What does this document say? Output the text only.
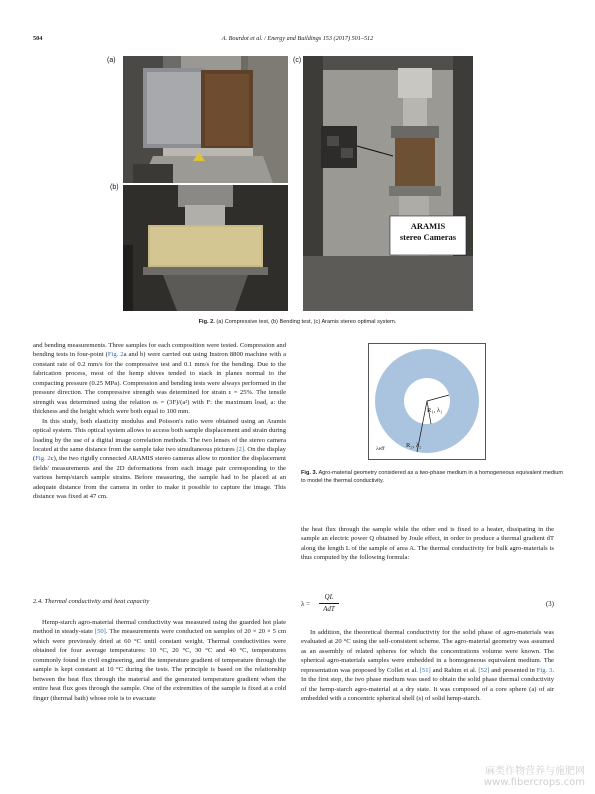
504	A. Bourdot et al. / Energy and Buildings 153 (2017) 501–512
(a)
(b)
(c)
ARAMIS
stereo Cameras
Fig. 2. (a) Compressive test, (b) Bending test, (c) Aramis stereo optimal system.
R₁, λ₁
R₂, λ₂
λeff
Fig. 3. Agro-material geometry considered as a two-phase medium in a homogeneous equivalent medium to model the thermal conductivity.

and bending measurements. Three samples for each composition were tested. Compression and bending tests in four-point (Fig. 2a and b) were carried out using Instron 8800 machine with a constant rate of 0.2 mm/s for the compressive test and 0.1 mm/s for the bending. Due to the fabrication process, most of the hemp shives tended to stack in planes normal to the compacting pressure (0.25 MPa). Compression and bending tests were always performed in the pressure direction. The compressive strength was determined for strain ε = 25%. The tensile strength was determined using the relation σₜ = (3F)/(a²) with F: the maximum load, a: the thickness and the height which were both equal to 100 mm.

In this study, both elasticity modulus and Poisson's ratio were obtained using an Aramis optical system. This optical system allows to access both sample displacement and strain during loading by the use of a digital image correlation methods. The two lenses of the stereo camera located at the same distance from the sample take two simultaneous pictures [2]. On the display (Fig. 2c), the two rigidly connected ARAMIS stereo cameras allow to monitor the displacement fields' measurements and the 2D deformations from each image pair corresponding to the various hemp/starch sample strains. Before measuring, the sample had to be placed at an adequate distance from the camera in order to make it possible to capture the image. This distance was fixed at 47 cm.

2.4. Thermal conductivity and heat capacity

Hemp-starch agro-material thermal conductivity was measured using the guarded hot plate method in steady-state [50]. The measurements were conducted on samples of 20 × 20 × 5 cm which were previously dried at 60 °C until constant weight. Thermal conductivities were obtained for four average temperatures: 10 °C, 20 °C, 30 °C and 40 °C, temperatures commonly found in civil engineering, and the temperature gradient of temperature through the sample is kept constant at 10 °C during the tests. The principle is based on the relationship between the heat flux through the material and the generated temperature gradient when the entire heat flux goes through the sample. One of the extremities of the sample is fixed at a cold finger (thermal bath) whose role is to evacuate

the heat flux through the sample while the other end is fixed to a heater, dissipating in the sample an electric power Q obtained by Joule effect, in order to produce a thermal gradient dT along the length L of the sample of area A. The thermal conductivity for bulk agro-materials is thus computed by the following formula:

λ =
QL
AdT
(3)

In addition, the theoretical thermal conductivity for the solid phase of agro-materials was evaluated at 20 °C using the self-consistent scheme. The agro-material geometry was assumed as an assembly of related spheres for which the concentrations volume were known. The spherical agro-materials samples were embedded in a homogeneous equivalent medium. The representation was proposed by Collet et al. [51] and Rahim et al. [52] and presented in Fig. 3. In the first step, the two phase medium was used to obtain the solid phase thermal conductivity of the hemp-starch agro-material at a dry state. It was composed of a core sphere (a) of air embedded with a concentric spherical shell (s) of solid hemp-starch.

麻类作物营养与施肥网
www.fibercrops.com
